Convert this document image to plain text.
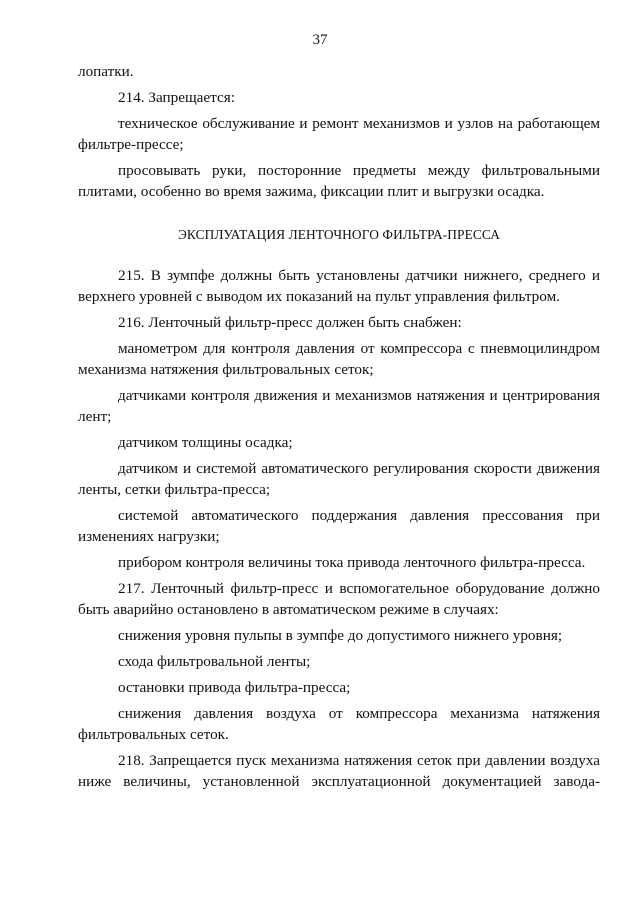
37

лопатки.

214. Запрещается:

техническое обслуживание и ремонт механизмов и узлов на работающем фильтре-прессе;

просовывать руки, посторонние предметы между фильтровальными плитами, особенно во время зажима, фиксации плит и выгрузки осадка.

ЭКСПЛУАТАЦИЯ ЛЕНТОЧНОГО ФИЛЬТРА-ПРЕССА

215. В зумпфе должны быть установлены датчики нижнего, среднего и верхнего уровней с выводом их показаний на пульт управления фильтром.

216. Ленточный фильтр-пресс должен быть снабжен:

манометром для контроля давления от компрессора с пневмоцилиндром механизма натяжения фильтровальных сеток;

датчиками контроля движения и механизмов натяжения и центрирования лент;

датчиком толщины осадка;

датчиком и системой автоматического регулирования скорости движения ленты, сетки фильтра-пресса;

системой автоматического поддержания давления прессования при изменениях нагрузки;

прибором контроля величины тока привода ленточного фильтра-пресса.

217. Ленточный фильтр-пресс и вспомогательное оборудование должно быть аварийно остановлено в автоматическом режиме в случаях:

снижения уровня пульпы в зумпфе до допустимого нижнего уровня;

схода фильтровальной ленты;

остановки привода фильтра-пресса;

снижения давления воздуха от компрессора механизма натяжения фильтровальных сеток.

218. Запрещается пуск механизма натяжения сеток при давлении воздуха ниже величины, установленной эксплуатационной документацией завода-
